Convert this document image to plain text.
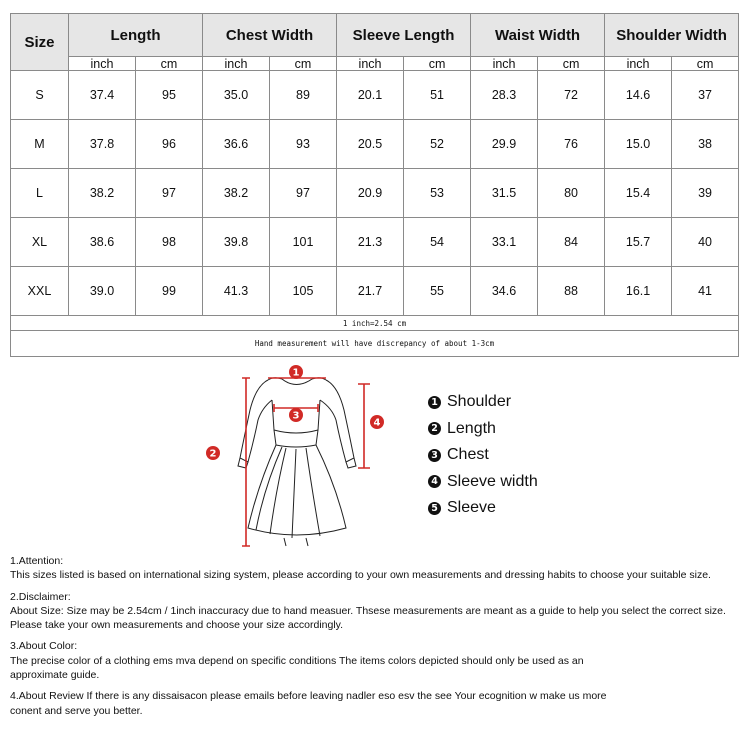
Size	Length		Chest Width		Sleeve Length		Waist Width		Shoulder Width	
	inch	cm	inch	cm	inch	cm	inch	cm	inch	cm
S	37.4	95	35.0	89	20.1	51	28.3	72	14.6	37
M	37.8	96	36.6	93	20.5	52	29.9	76	15.0	38
L	38.2	97	38.2	97	20.9	53	31.5	80	15.4	39
XL	38.6	98	39.8	101	21.3	54	33.1	84	15.7	40
XXL	39.0	99	41.3	105	21.7	55	34.6	88	16.1	41
1 inch=2.54 cm										
Hand measurement will have discrepancy of about 1-3cm										
1
2
3
4
1 Shoulder
2 Length
3 Chest
4 Sleeve width
5 Sleeve

1.Attention:
This sizes listed is based on international sizing system, please according to your own measurements and dressing habits to choose your suitable size.

2.Disclaimer:
About Size: Size may be 2.54cm / 1inch inaccuracy due to hand measuer. Thsese measurements are meant as a guide to help you select the correct size. Please take your own measurements and choose your size accordingly.

3.About Color:
The precise color of a clothing ems mva depend on specific conditions The items colors depicted should only be used as an approximate guide.

4.About Review If there is any dissaisacon please emails before leaving nadler eso esv the see Your ecognition w make us more conent and serve you better.
